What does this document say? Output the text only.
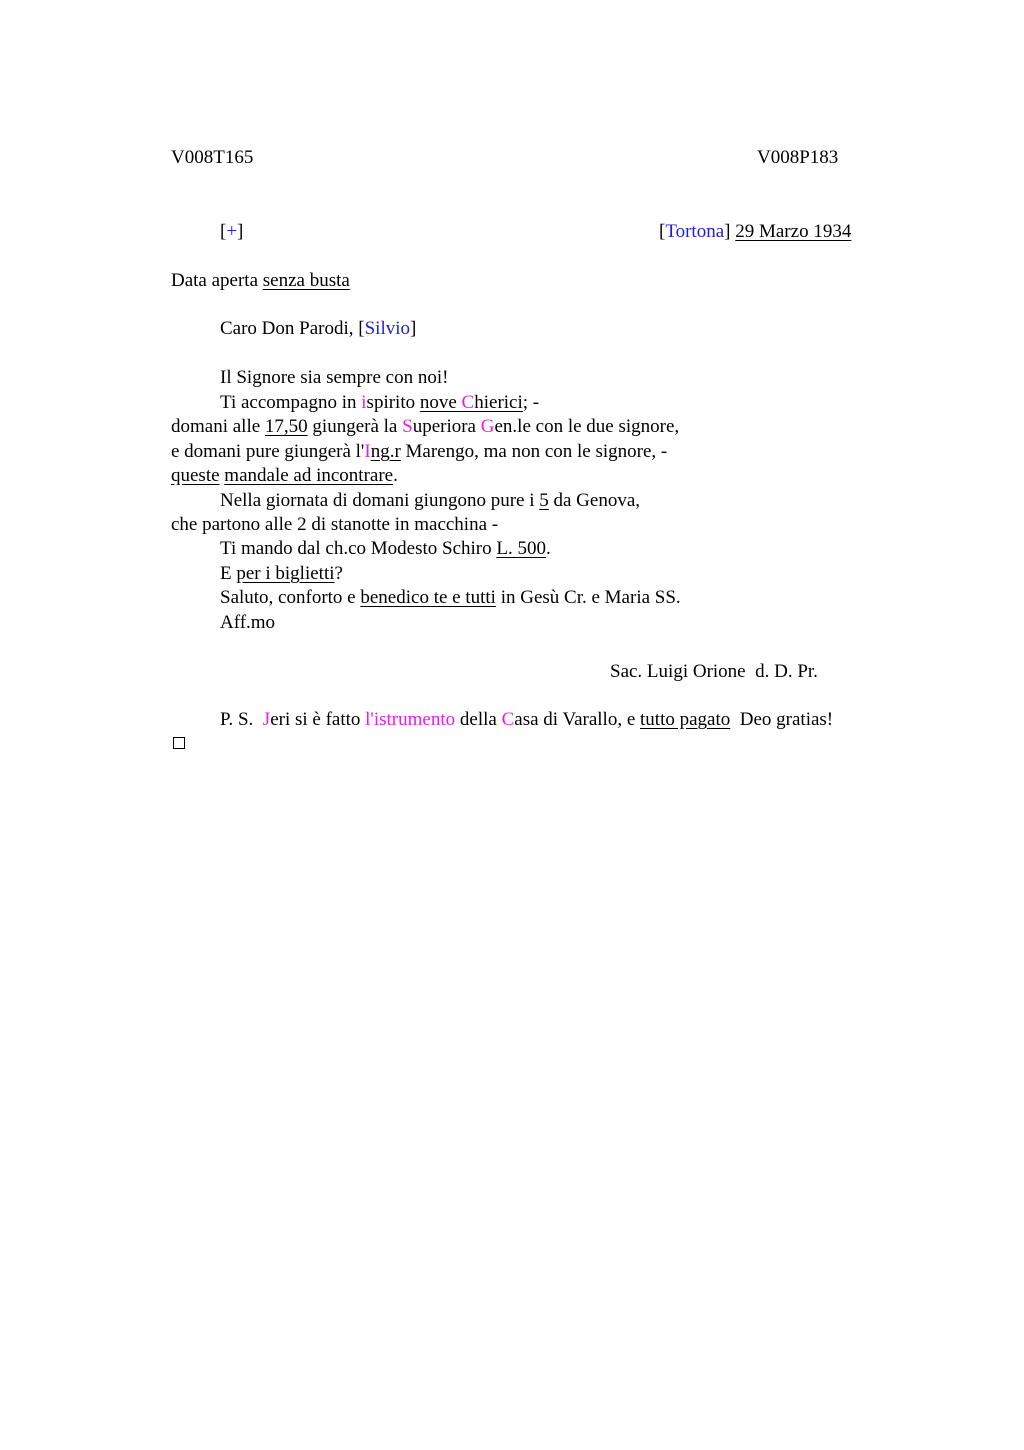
V008T165	V008P183
[+]	[Tortona] 29 Marzo 1934
Data aperta senza busta
Caro Don Parodi, [Silvio]
Il Signore sia sempre con noi!
Ti accompagno in ispirito nove Chierici; -
domani alle 17,50 giungerà la Superiora Gen.le con le due signore,
e domani pure giungerà l'Ing.r Marengo, ma non con le signore, -
queste mandale ad incontrare.
Nella giornata di domani giungono pure i 5 da Genova,
che partono alle 2 di stanotte in macchina -
Ti mando dal ch.co Modesto Schiro L. 500.
E per i biglietti?
Saluto, conforto e benedico te e tutti in Gesù Cr. e Maria SS.
Aff.mo
Sac. Luigi Orione  d. D. Pr.
P. S.  Jeri si è fatto l'istrumento della Casa di Varallo, e tutto pagato  Deo gratias!
